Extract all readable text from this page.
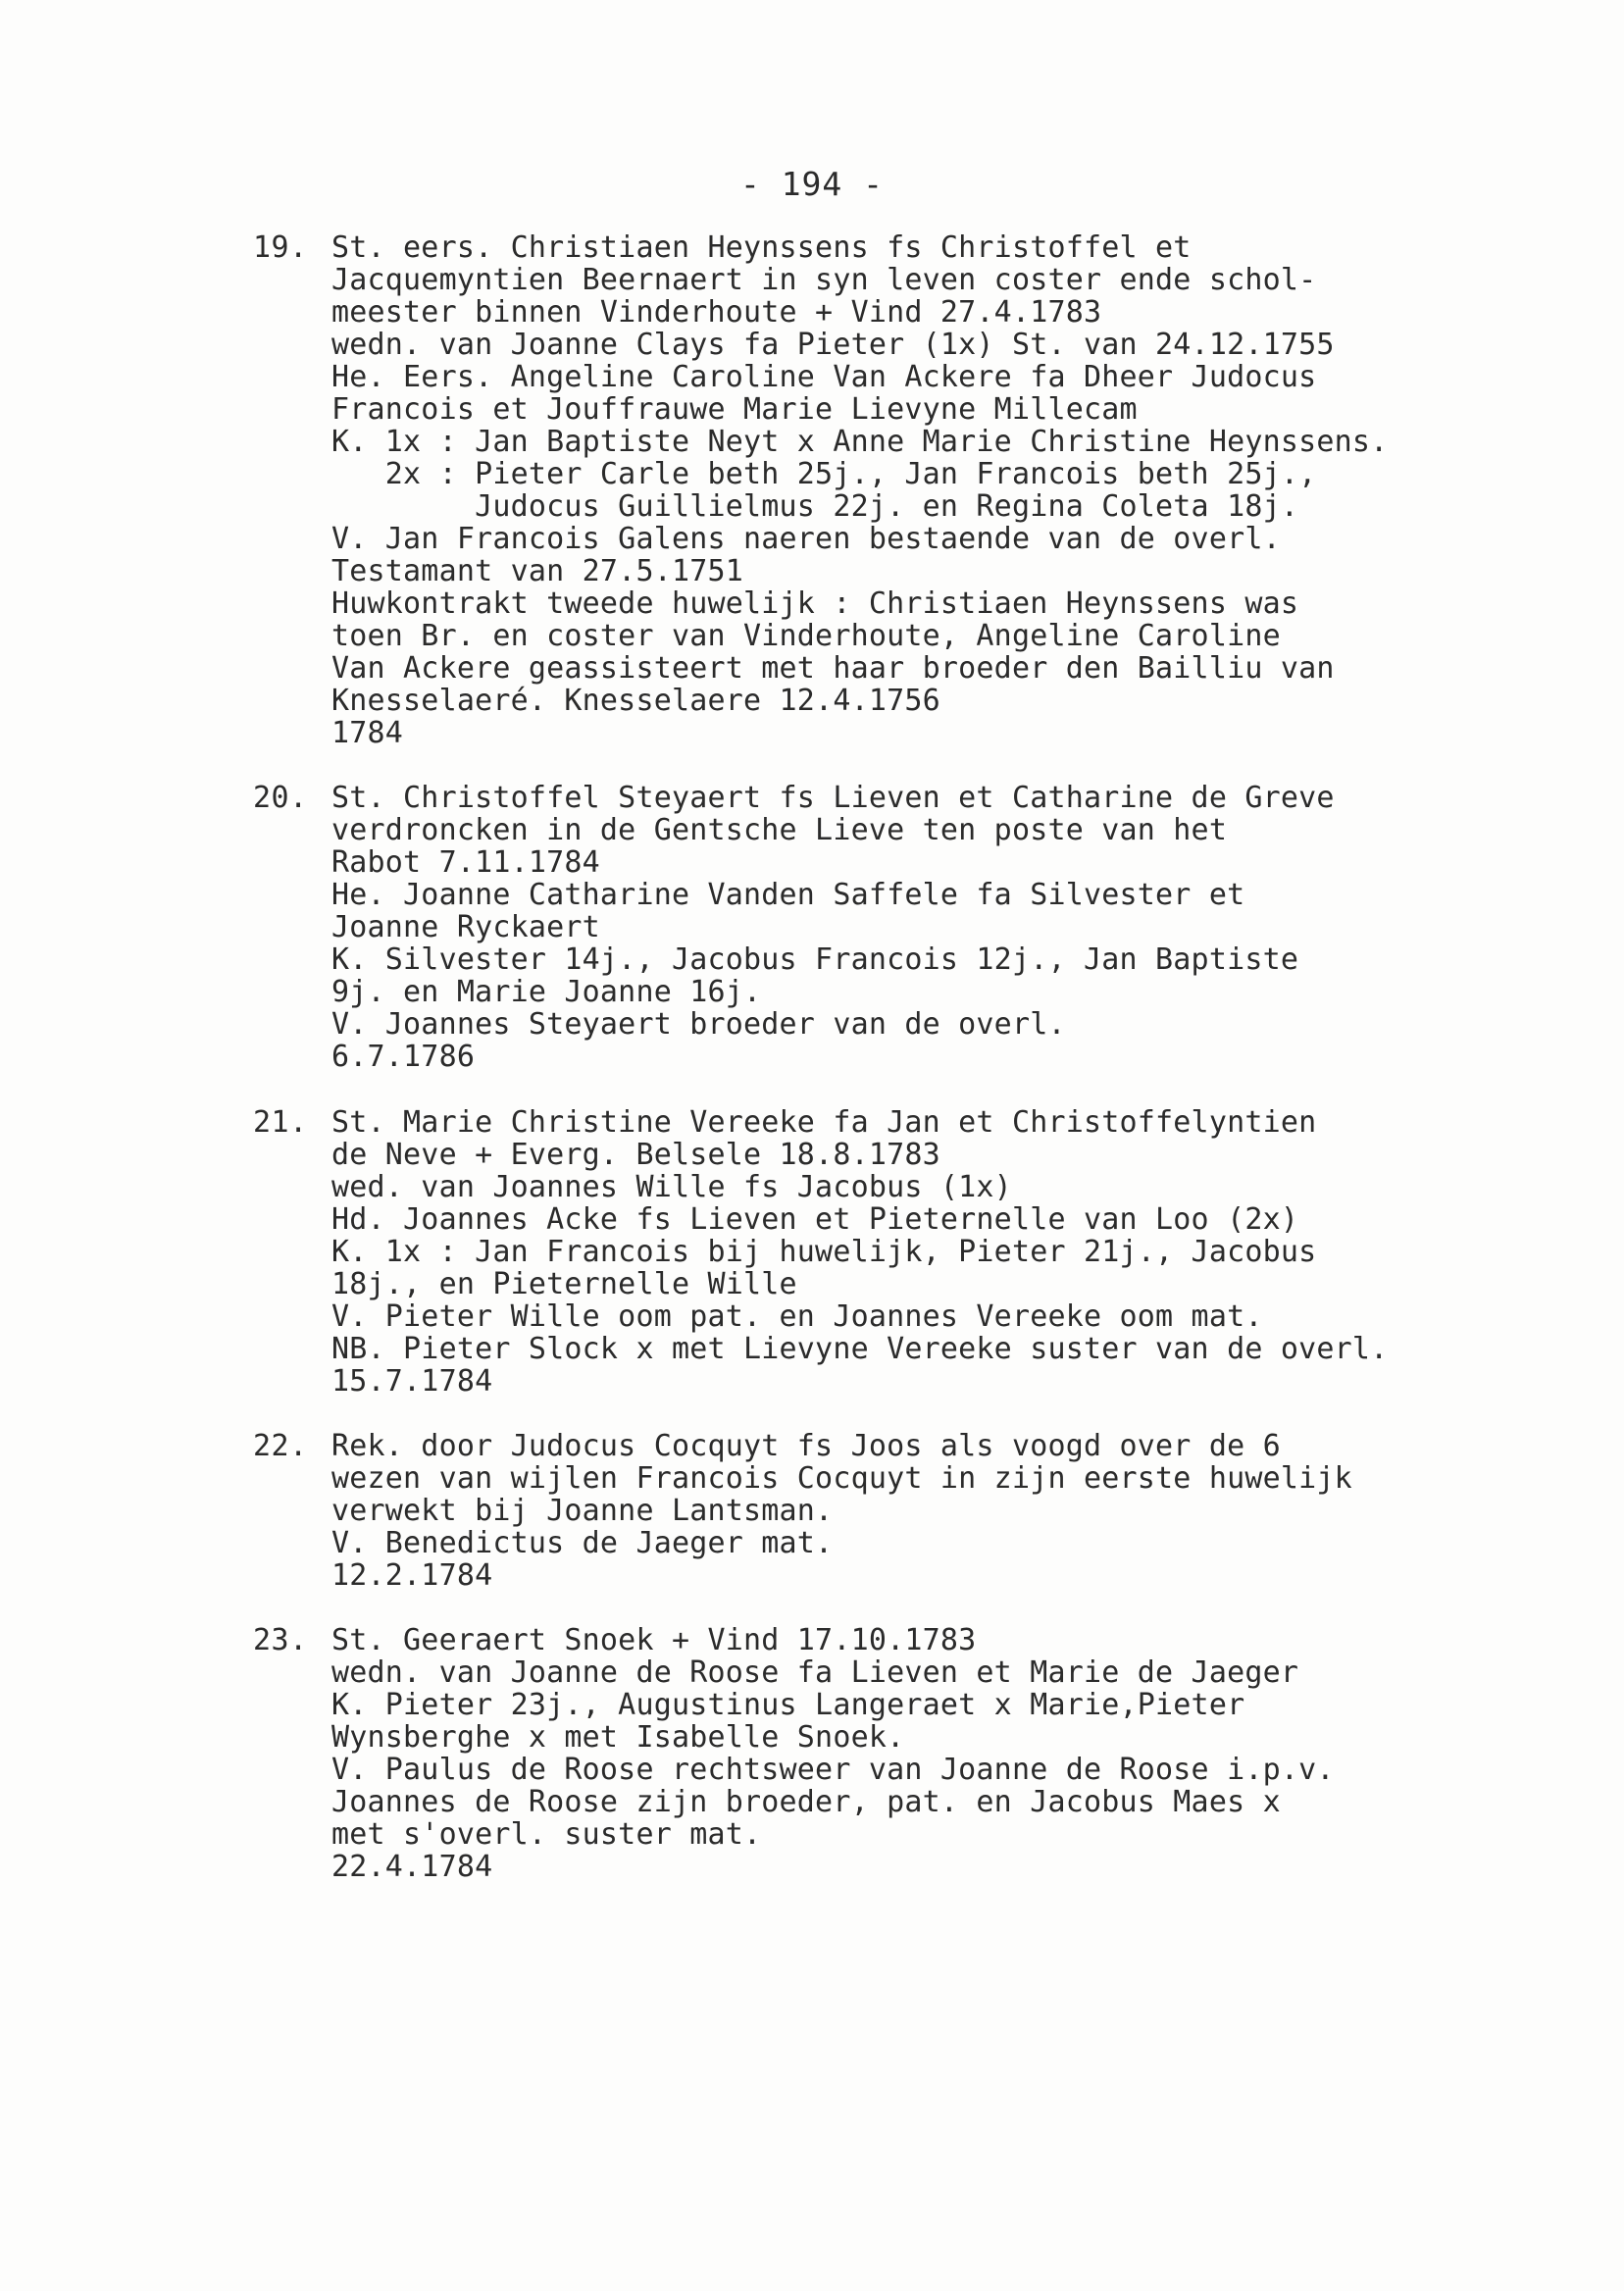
- 194 -
19. St. eers. Christiaen Heynssens fs Christoffel et
Jacquemyntien Beernaert in syn leven coster ende schol-
meester binnen Vinderhoute + Vind 27.4.1783
wedn. van Joanne Clays fa Pieter (1x) St. van 24.12.1755
He. Eers. Angeline Caroline Van Ackere fa Dheer Judocus
Francois et Jouffrauwe Marie Lievyne Millecam
K. 1x : Jan Baptiste Neyt x Anne Marie Christine Heynssens.
2x : Pieter Carle beth 25j., Jan Francois beth 25j.,
Judocus Guillielmus 22j. en Regina Coleta 18j.
V. Jan Francois Galens naeren bestaende van de overl.
Testamant van 27.5.1751
Huwkontrakt tweede huwelijk : Christiaen Heynssens was
toen Br. en coster van Vinderhoute, Angeline Caroline
Van Ackere geassisteert met haar broeder den Bailliu van
Knesselaeré. Knesselaere 12.4.1756
1784
20. St. Christoffel Steyaert fs Lieven et Catharine de Greve
verdroncken in de Gentsche Lieve ten poste van het
Rabot 7.11.1784
He. Joanne Catharine Vanden Saffele fa Silvester et
Joanne Ryckaert
K. Silvester 14j., Jacobus Francois 12j., Jan Baptiste
9j. en Marie Joanne 16j.
V. Joannes Steyaert broeder van de overl.
6.7.1786
21. St. Marie Christine Vereeke fa Jan et Christoffelyntien
de Neve + Everg. Belsele 18.8.1783
wed. van Joannes Wille fs Jacobus (1x)
Hd. Joannes Acke fs Lieven et Pieternelle van Loo (2x)
K. 1x : Jan Francois bij huwelijk, Pieter 21j., Jacobus
18j., en Pieternelle Wille
V. Pieter Wille oom pat. en Joannes Vereeke oom mat.
NB. Pieter Slock x met Lievyne Vereeke suster van de overl.
15.7.1784
22. Rek. door Judocus Cocquyt fs Joos als voogd over de 6
wezen van wijlen Francois Cocquyt in zijn eerste huwelijk
verwekt bij Joanne Lantsman.
V. Benedictus de Jaeger mat.
12.2.1784
23. St. Geeraert Snoek + Vind 17.10.1783
wedn. van Joanne de Roose fa Lieven et Marie de Jaeger
K. Pieter 23j., Augustinus Langeraet x Marie,Pieter
Wynsberghe x met Isabelle Snoek.
V. Paulus de Roose rechtsweer van Joanne de Roose i.p.v.
Joannes de Roose zijn broeder, pat. en Jacobus Maes x
met s'overl. suster mat.
22.4.1784
